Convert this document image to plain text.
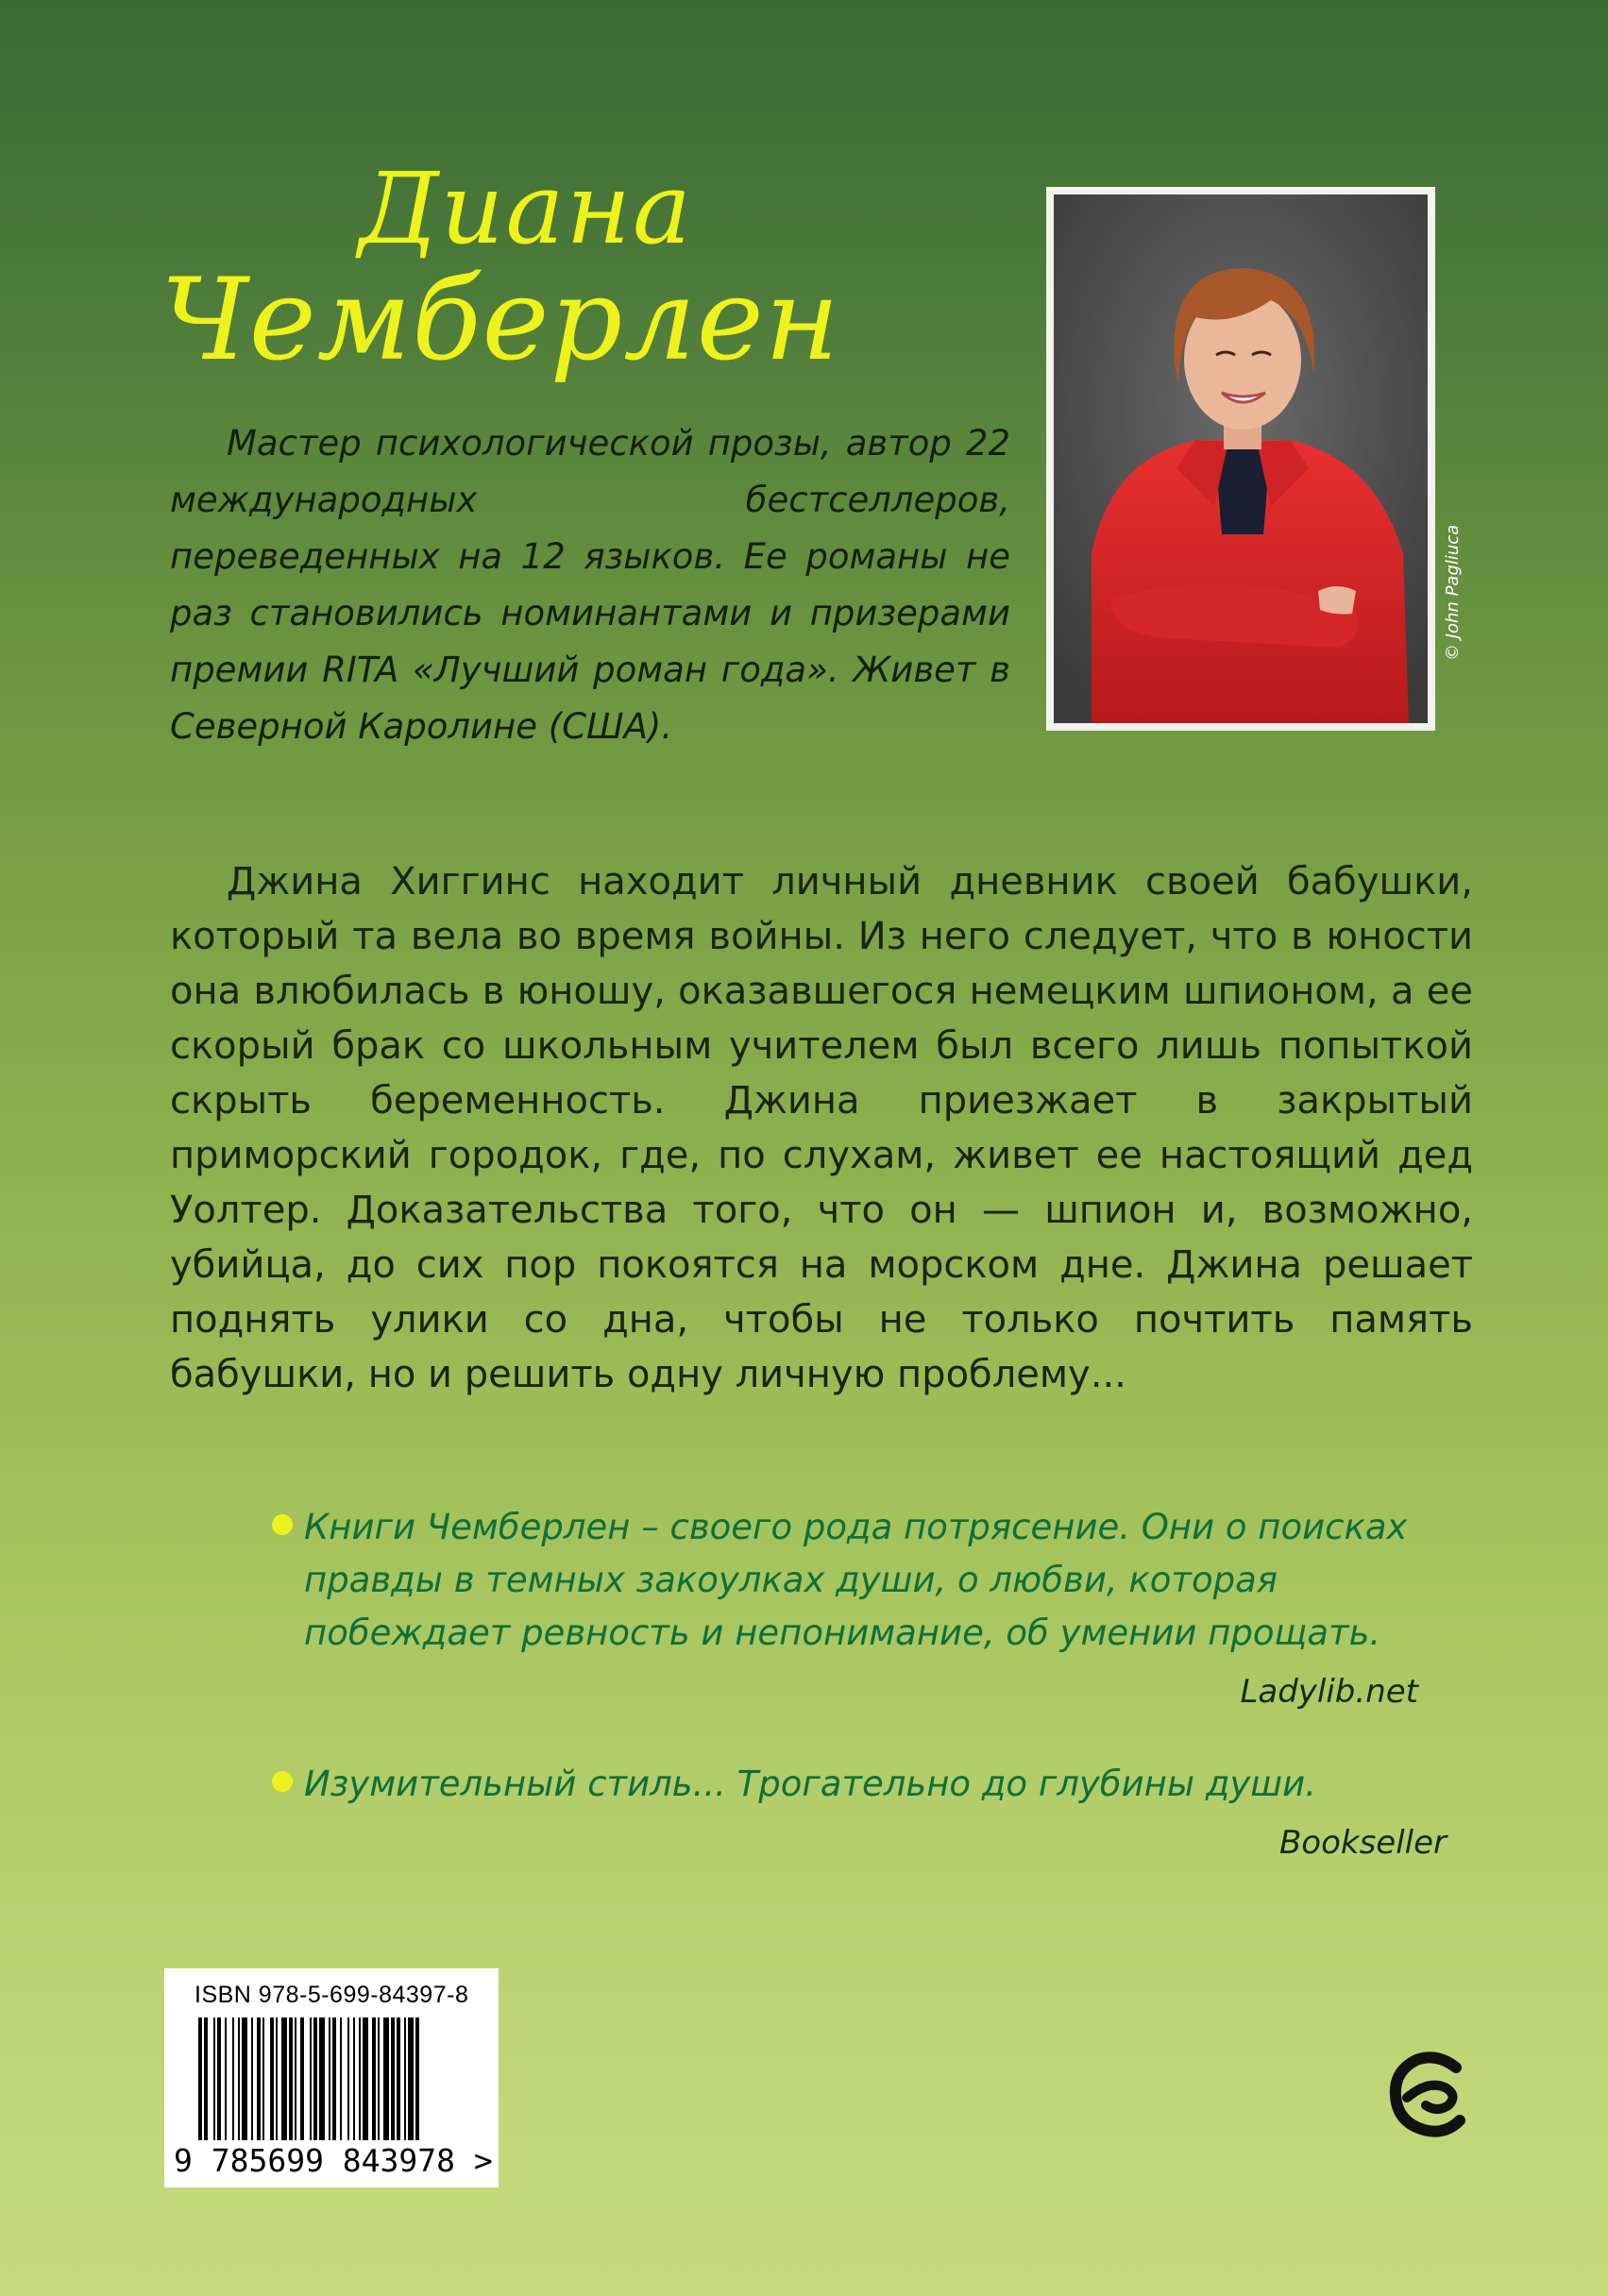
Диана
Чемберлен

Мастер психологической прозы, автор 22 международных бестселлеров, переведенных на 12 языков. Ее романы не раз становились номинантами и призерами премии RITA «Лучший роман года». Живет в Северной Каролине (США).

© John Pagliuca

Джина Хиггинс находит личный дневник своей бабушки, который та вела во время войны. Из него следует, что в юности она влюбилась в юношу, оказавшегося немецким шпионом, а ее скорый брак со школьным учителем был всего лишь попыткой скрыть беременность. Джина приезжает в закрытый приморский городок, где, по слухам, живет ее настоящий дед Уолтер. Доказательства того, что он — шпион и, возможно, убийца, до сих пор покоятся на морском дне. Джина решает поднять улики со дна, чтобы не только почтить память бабушки, но и решить одну личную проблему...

Книги Чемберлен – своего рода потрясение. Они о поисках правды в темных закоулках души, о любви, которая побеждает ревность и непонимание, об умении прощать.

Ladylib.net

Изумительный стиль... Трогательно до глубины души.

Bookseller

ISBN 978-5-699-84397-8
9 785699 843978 >
